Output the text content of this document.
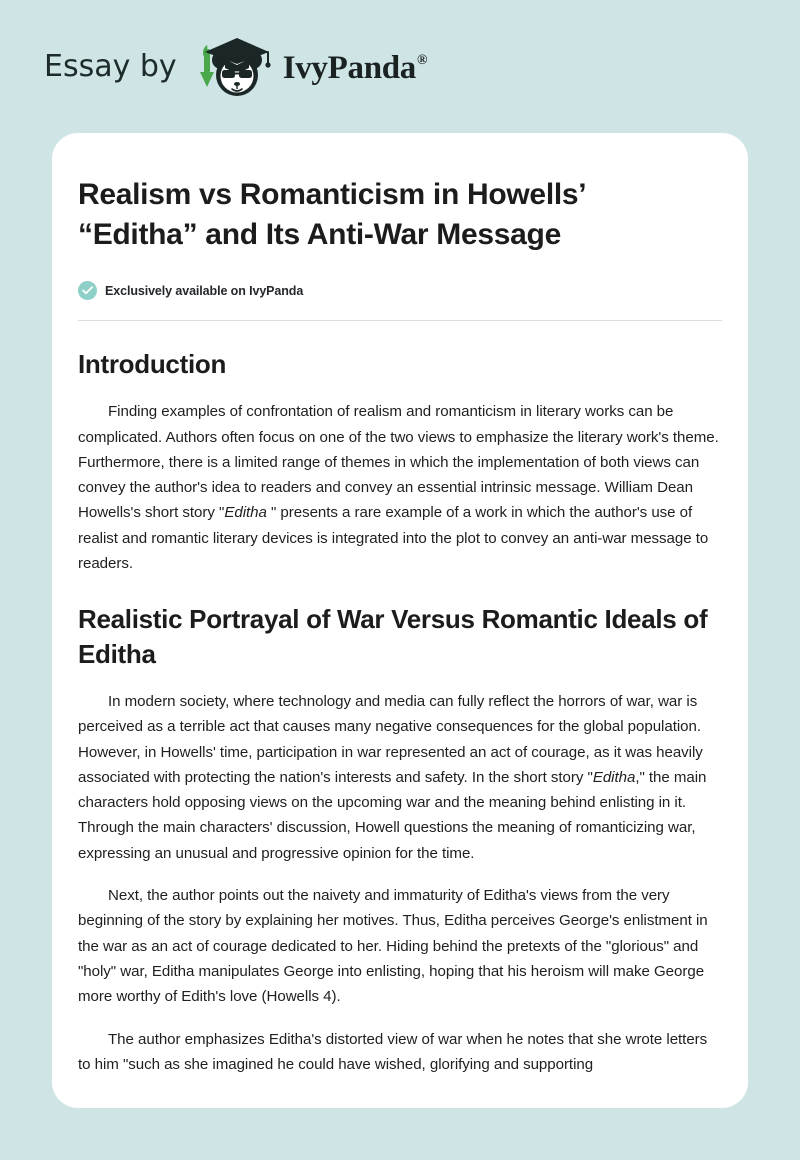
Essay by	IvyPanda®
Realism vs Romanticism in Howells’ “Editha” and Its Anti-War Message
Exclusively available on IvyPanda
Introduction

Finding examples of confrontation of realism and romanticism in literary works can be complicated. Authors often focus on one of the two views to emphasize the literary work's theme. Furthermore, there is a limited range of themes in which the implementation of both views can convey the author's idea to readers and convey an essential intrinsic message. William Dean Howells's short story "Editha " presents a rare example of a work in which the author's use of realist and romantic literary devices is integrated into the plot to convey an anti-war message to readers.

Realistic Portrayal of War Versus Romantic Ideals of Editha

In modern society, where technology and media can fully reflect the horrors of war, war is perceived as a terrible act that causes many negative consequences for the global population. However, in Howells' time, participation in war represented an act of courage, as it was heavily associated with protecting the nation's interests and safety. In the short story "Editha," the main characters hold opposing views on the upcoming war and the meaning behind enlisting in it. Through the main characters' discussion, Howell questions the meaning of romanticizing war, expressing an unusual and progressive opinion for the time.

Next, the author points out the naivety and immaturity of Editha's views from the very beginning of the story by explaining her motives. Thus, Editha perceives George's enlistment in the war as an act of courage dedicated to her. Hiding behind the pretexts of the "glorious" and "holy" war, Editha manipulates George into enlisting, hoping that his heroism will make George more worthy of Edith's love (Howells 4).

The author emphasizes Editha's distorted view of war when he notes that she wrote letters to him "such as she imagined he could have wished, glorifying and supporting
